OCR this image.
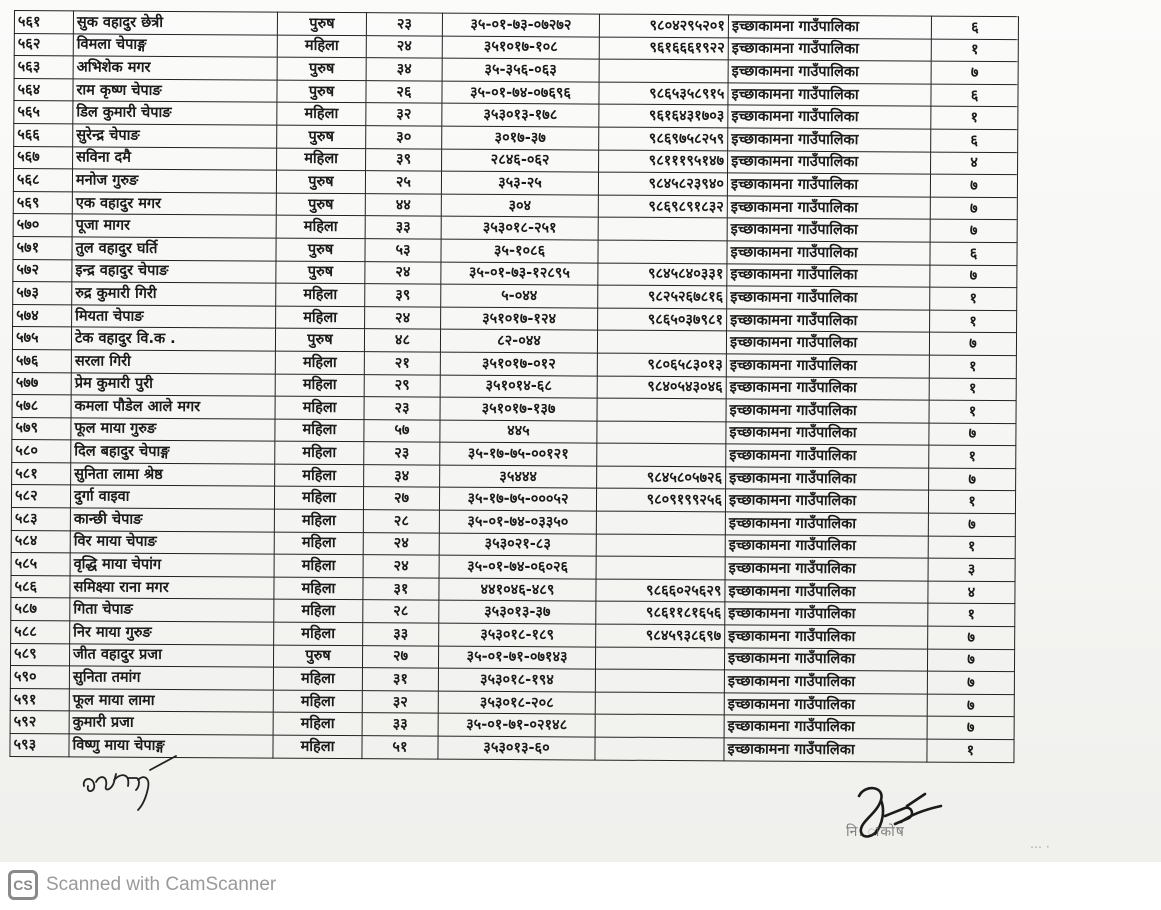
५६१	सुक वहादुर छेत्री	पुरुष	२३	३५-०१-७३-०७२७२	९८०४२९५२०१	इच्छाकामना गाउँपालिका	६
५६२	विमला चेपाङ्ग	महिला	२४	३५१०१७-१०८	९६१६६६१९२२	इच्छाकामना गाउँपालिका	१
५६३	अभिशेक मगर	पुरुष	३४	३५-३५६-०६३		इच्छाकामना गाउँपालिका	७
५६४	राम कृष्ण चेपाङ	पुरुष	२६	३५-०१-७४-०७६९६	९८६५३५८९१५	इच्छाकामना गाउँपालिका	६
५६५	डिल कुमारी चेपाङ	महिला	३२	३५३०१३-१७८	९६१६४३१७०३	इच्छाकामना गाउँपालिका	१
५६६	सुरेन्द्र चेपाङ	पुरुष	३०	३०१७-३७	९८६९७५८२५९	इच्छाकामना गाउँपालिका	६
५६७	सविना दमै	महिला	३९	२८४६-०६२	९८१११९५१४७	इच्छाकामना गाउँपालिका	४
५६८	मनोज गुरुङ	पुरुष	२५	३५३-२५	९८४५८२३९४०	इच्छाकामना गाउँपालिका	७
५६९	एक वहादुर मगर	पुरुष	४४	३०४	९८६९८९१८३२	इच्छाकामना गाउँपालिका	७
५७०	पूजा मागर	महिला	३३	३५३०१८-२५१		इच्छाकामना गाउँपालिका	७
५७१	तुल वहादुर घर्ति	पुरुष	५३	३५-१०८६		इच्छाकामना गाउँपालिका	६
५७२	इन्द्र वहादुर चेपाङ	पुरुष	२४	३५-०१-७३-१२८९५	९८४५८४०३३१	इच्छाकामना गाउँपालिका	७
५७३	रुद्र कुमारी गिरी	महिला	३९	५-०४४	९८२५२६७८१६	इच्छाकामना गाउँपालिका	१
५७४	मियता चेपाङ	महिला	२४	३५१०१७-१२४	९८६५०३७९८१	इच्छाकामना गाउँपालिका	१
५७५	टेक वहादुर वि.क .	पुरुष	४८	८२-०४४		इच्छाकामना गाउँपालिका	७
५७६	सरला गिरी	महिला	२१	३५१०१७-०१२	९८०६५८३०१३	इच्छाकामना गाउँपालिका	१
५७७	प्रेम कुमारी पुरी	महिला	२९	३५१०१४-६८	९८४०५४३०४६	इच्छाकामना गाउँपालिका	१
५७८	कमला पौडेल आले मगर	महिला	२३	३५१०१७-१३७		इच्छाकामना गाउँपालिका	१
५७९	फूल माया गुरुङ	महिला	५७	४४५		इच्छाकामना गाउँपालिका	७
५८०	दिल बहादुर चेपाङ्ग	महिला	२३	३५-१७-७५-००१२१		इच्छाकामना गाउँपालिका	१
५८१	सुनिता लामा श्रेष्ठ	महिला	३४	३५४४४	९८४५८०५७२६	इच्छाकामना गाउँपालिका	७
५८२	दुर्गा वाइवा	महिला	२७	३५-१७-७५-०००५२	९८०९१९९२५६	इच्छाकामना गाउँपालिका	१
५८३	कान्छी चेपाङ	महिला	२८	३५-०१-७४-०३३५०		इच्छाकामना गाउँपालिका	७
५८४	विर माया चेपाङ	महिला	२४	३५३०२१-८३		इच्छाकामना गाउँपालिका	१
५८५	वृद्धि माया चेपांग	महिला	२४	३५-०१-७४-०६०२६		इच्छाकामना गाउँपालिका	३
५८६	समिक्ष्या राना मगर	महिला	३१	४४१०४६-४८९	९८६६०२५६२९	इच्छाकामना गाउँपालिका	४
५८७	गिता चेपाङ	महिला	२८	३५३०१३-३७	९८६११८१६५६	इच्छाकामना गाउँपालिका	१
५८८	निर माया गुरुङ	महिला	३३	३५३०१८-१८९	९८४५९३८६९७	इच्छाकामना गाउँपालिका	७
५८९	जीत वहादुर प्रजा	पुरुष	२७	३५-०१-७१-०७१४३		इच्छाकामना गाउँपालिका	७
५९०	सुनिता तमांग	महिला	३१	३५३०१८-१९४		इच्छाकामना गाउँपालिका	७
५९१	फूल माया लामा	महिला	३२	३५३०१८-२०८		इच्छाकामना गाउँपालिका	७
५९२	कुमारी प्रजा	महिला	३३	३५-०१-७१-०२१४८		इच्छाकामना गाउँपालिका	७
५९३	विष्णु माया चेपाङ्ग	महिला	५१	३५३०१३-६०		इच्छाकामना गाउँपालिका	१
नि. ाकोष
⋯ ·
CS Scanned with CamScanner
